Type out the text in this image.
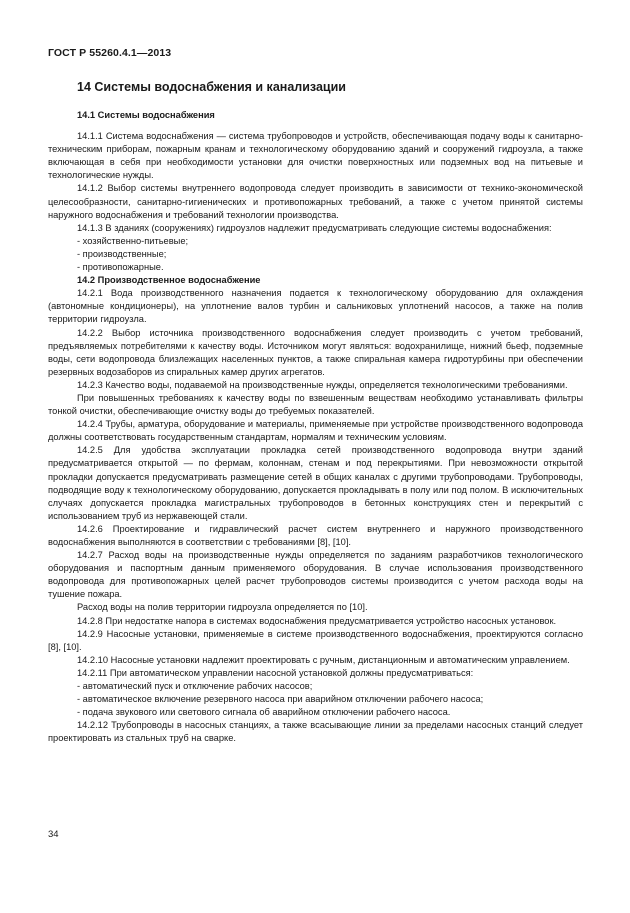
ГОСТ Р 55260.4.1—2013
14 Системы водоснабжения и канализации
14.1 Системы водоснабжения

14.1.1 Система водоснабжения — система трубопроводов и устройств, обеспечивающая подачу воды к санитарно-техническим приборам, пожарным кранам и технологическому оборудованию зданий и сооружений гидроузла, а также включающая в себя при необходимости установки для очистки поверхностных или подземных вод на питьевые и технологические нужды.

14.1.2 Выбор системы внутреннего водопровода следует производить в зависимости от технико-экономической целесообразности, санитарно-гигиенических и противопожарных требований, а также с учетом принятой системы наружного водоснабжения и требований технологии производства.

14.1.3 В зданиях (сооружениях) гидроузлов надлежит предусматривать следующие системы водоснабжения:

- хозяйственно-питьевые;

- производственные;

- противопожарные.

14.2 Производственное водоснабжение

14.2.1 Вода производственного назначения подается к технологическому оборудованию для охлаждения (автономные кондиционеры), на уплотнение валов турбин и сальниковых уплотнений насосов, а также на полив территории гидроузла.

14.2.2 Выбор источника производственного водоснабжения следует производить с учетом требований, предъявляемых потребителями к качеству воды. Источником могут являться: водохранилище, нижний бьеф, подземные воды, сети водопровода близлежащих населенных пунктов, а также спиральная камера гидротурбины при обеспечении резервных водозаборов из спиральных камер других агрегатов.

14.2.3 Качество воды, подаваемой на производственные нужды, определяется технологическими требованиями.

При повышенных требованиях к качеству воды по взвешенным веществам необходимо устанавливать фильтры тонкой очистки, обеспечивающие очистку воды до требуемых показателей.

14.2.4 Трубы, арматура, оборудование и материалы, применяемые при устройстве производственного водопровода должны соответствовать государственным стандартам, нормалям и техническим условиям.

14.2.5 Для удобства эксплуатации прокладка сетей производственного водопровода внутри зданий предусматривается открытой — по фермам, колоннам, стенам и под перекрытиями. При невозможности открытой прокладки допускается предусматривать размещение сетей в общих каналах с другими трубопроводами. Трубопроводы, подводящие воду к технологическому оборудованию, допускается прокладывать в полу или под полом. В исключительных случаях допускается прокладка магистральных трубопроводов в бетонных конструкциях стен и перекрытий с использованием труб из нержавеющей стали.

14.2.6 Проектирование и гидравлический расчет систем внутреннего и наружного производственного водоснабжения выполняются в соответствии с требованиями [8], [10].

14.2.7 Расход воды на производственные нужды определяется по заданиям разработчиков технологического оборудования и паспортным данным применяемого оборудования. В случае использования производственного водопровода для противопожарных целей расчет трубопроводов системы производится с учетом расхода воды на тушение пожара.

Расход воды на полив территории гидроузла определяется по [10].

14.2.8 При недостатке напора в системах водоснабжения предусматривается устройство насосных установок.

14.2.9 Насосные установки, применяемые в системе производственного водоснабжения, проектируются согласно [8], [10].

14.2.10 Насосные установки надлежит проектировать с ручным, дистанционным и автоматическим управлением.

14.2.11 При автоматическом управлении насосной установкой должны предусматриваться:

- автоматический пуск и отключение рабочих насосов;

- автоматическое включение резервного насоса при аварийном отключении рабочего насоса;

- подача звукового или светового сигнала об аварийном отключении рабочего насоса.

14.2.12 Трубопроводы в насосных станциях, а также всасывающие линии за пределами насосных станций следует проектировать из стальных труб на сварке.

34
